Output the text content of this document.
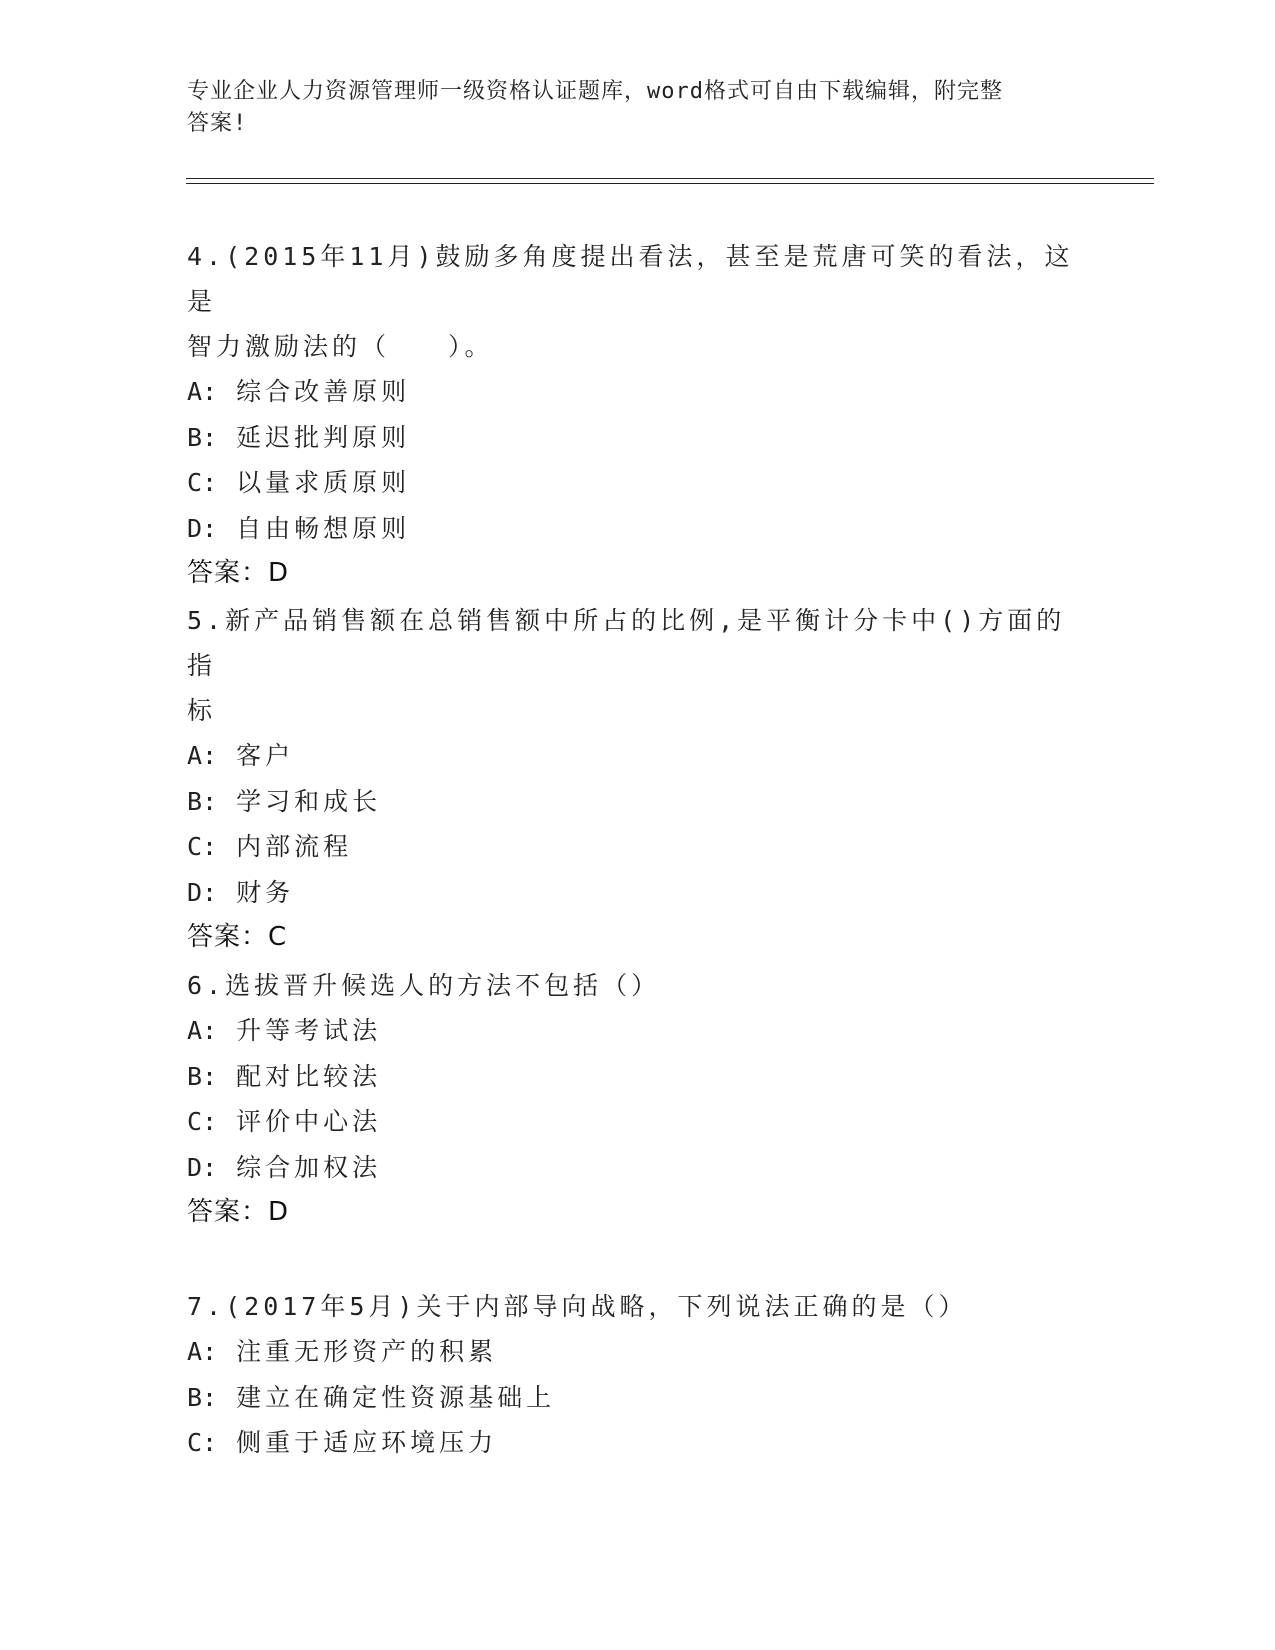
专业企业人力资源管理师一级资格认证题库，word格式可自由下载编辑，附完整
答案!
4.(2015年11月)鼓励多角度提出看法，甚至是荒唐可笑的看法，这是
智力激励法的（　　）。
A: 综合改善原则
B: 延迟批判原则
C: 以量求质原则
D: 自由畅想原则
答案：D
5.新产品销售额在总销售额中所占的比例,是平衡计分卡中()方面的指
标
A: 客户
B: 学习和成长
C: 内部流程
D: 财务
答案：C
6.选拔晋升候选人的方法不包括（）
A: 升等考试法
B: 配对比较法
C: 评价中心法
D: 综合加权法
答案：D
7.(2017年5月)关于内部导向战略，下列说法正确的是（）
A: 注重无形资产的积累
B: 建立在确定性资源基础上
C: 侧重于适应环境压力
